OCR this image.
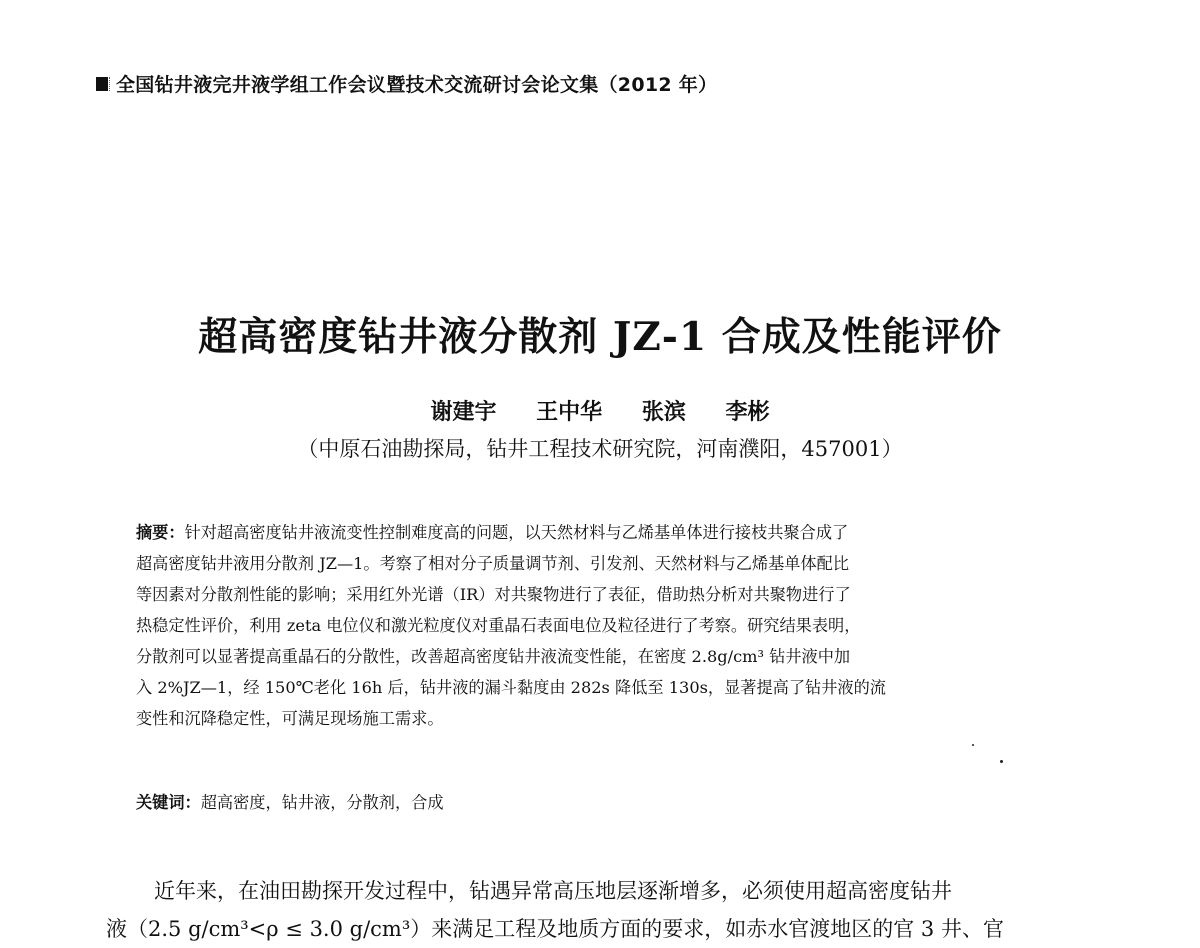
全国钻井液完井液学组工作会议暨技术交流研讨会论文集（2012 年）
超高密度钻井液分散剂 JZ-1 合成及性能评价
谢建宇 王中华 张滨 李彬
（中原石油勘探局，钻井工程技术研究院，河南濮阳，457001）
摘要：针对超高密度钻井液流变性控制难度高的问题，以天然材料与乙烯基单体进行接枝共聚合成了
超高密度钻井液用分散剂 JZ—1。考察了相对分子质量调节剂、引发剂、天然材料与乙烯基单体配比
等因素对分散剂性能的影响；采用红外光谱（IR）对共聚物进行了表征，借助热分析对共聚物进行了
热稳定性评价，利用 zeta 电位仪和激光粒度仪对重晶石表面电位及粒径进行了考察。研究结果表明，
分散剂可以显著提高重晶石的分散性，改善超高密度钻井液流变性能，在密度 2.8g/cm³ 钻井液中加
入 2%JZ—1，经 150℃老化 16h 后，钻井液的漏斗黏度由 282s 降低至 130s，显著提高了钻井液的流
变性和沉降稳定性，可满足现场施工需求。
关键词：超高密度，钻井液，分散剂，合成
近年来，在油田勘探开发过程中，钻遇异常高压地层逐渐增多，必须使用超高密度钻井
液（2.5 g/cm³<ρ ≤ 3.0 g/cm³）来满足工程及地质方面的要求，如赤水官渡地区的官 3 井、官
